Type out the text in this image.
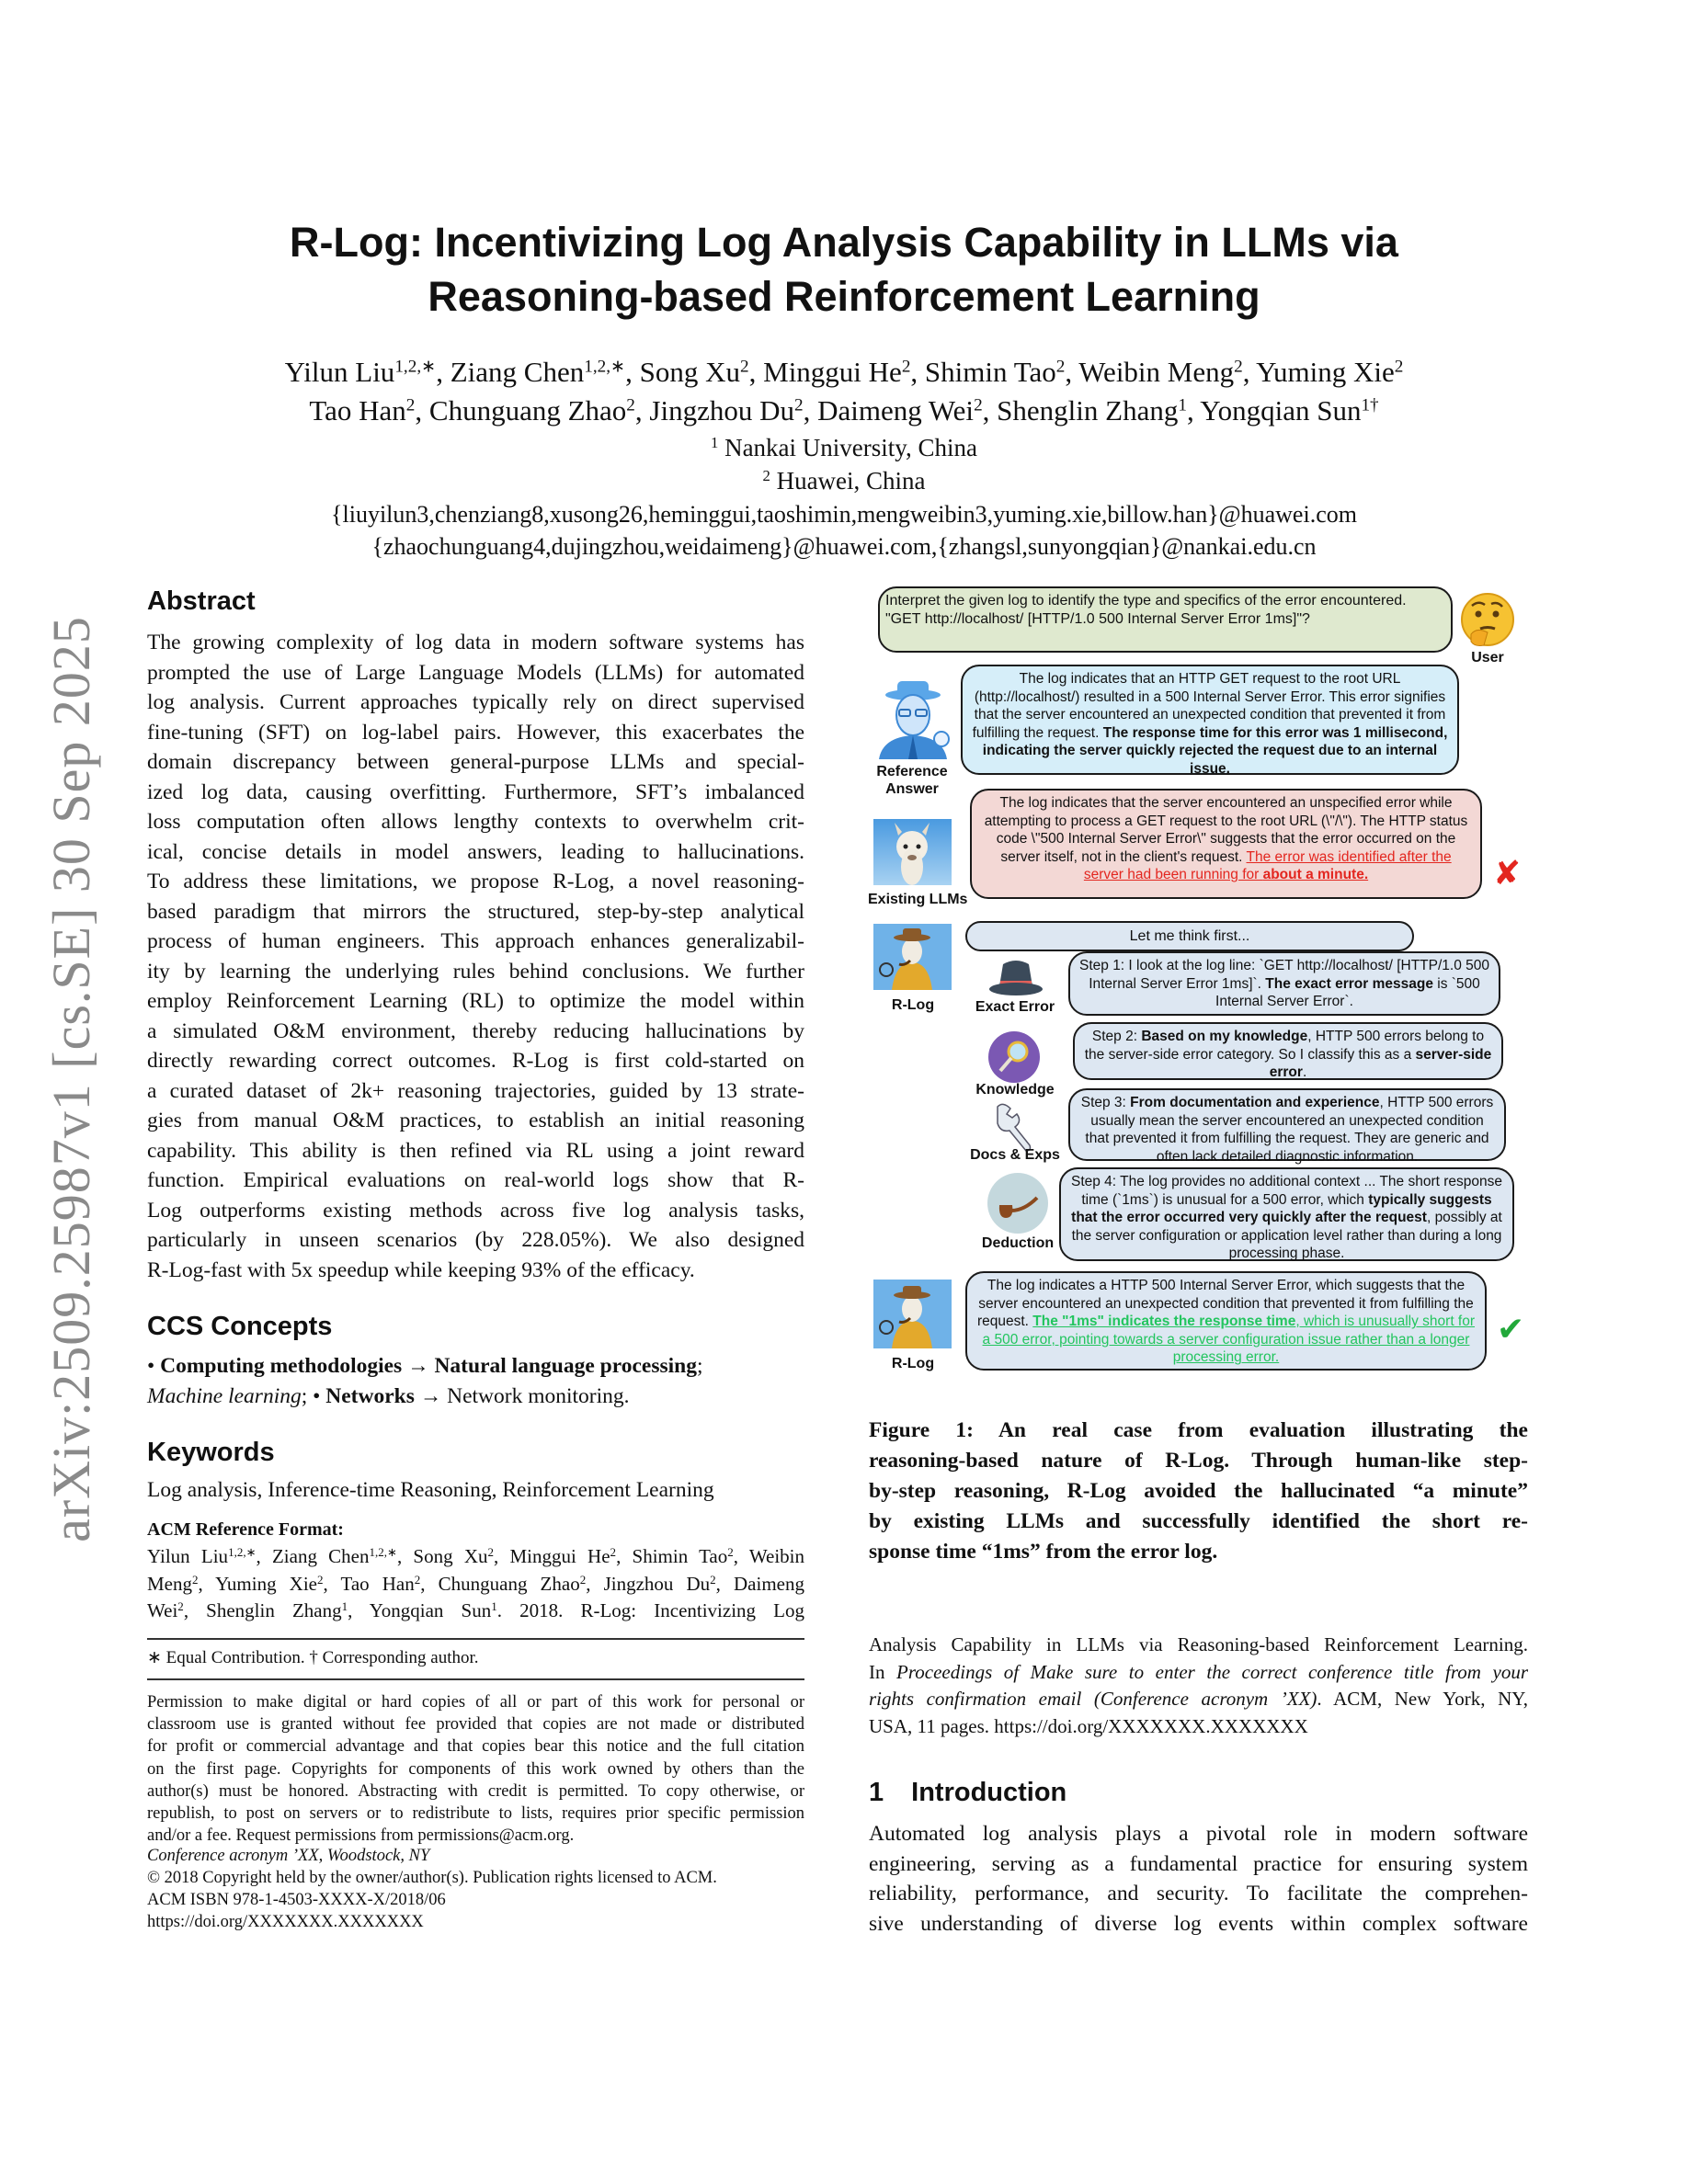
arXiv:2509.25987v1 [cs.SE] 30 Sep 2025
R-Log: Incentivizing Log Analysis Capability in LLMs via
Reasoning-based Reinforcement Learning
Yilun Liu$^{1,2,∗}$, Ziang Chen$^{1,2,∗}$, Song Xu$^2$, Minggui He$^2$, Shimin Tao$^2$, Weibin Meng$^2$, Yuming Xie$^2$
Tao Han$^2$, Chunguang Zhao$^2$, Jingzhou Du$^2$, Daimeng Wei$^2$, Shenglin Zhang$^1$, Yongqian Sun$^{1\dagger}$
$^1$ Nankai University, China
$^2$ Huawei, China
{liuyilun3,chenziang8,xusong26,heminggui,taoshimin,mengweibin3,yuming.xie,billow.han}@huawei.com
{zhaochunguang4,dujingzhou,weidaimeng}@huawei.com,{zhangsl,sunyongqian}@nankai.edu.cn
Abstract
The growing complexity of log data in modern software systems has
prompted the use of Large Language Models (LLMs) for automated
log analysis. Current approaches typically rely on direct supervised
fine-tuning (SFT) on log-label pairs. However, this exacerbates the
domain discrepancy between general-purpose LLMs and special-
ized log data, causing overfitting. Furthermore, SFT’s imbalanced
loss computation often allows lengthy contexts to overwhelm crit-
ical, concise details in model answers, leading to hallucinations.
To address these limitations, we propose R-Log, a novel reasoning-
based paradigm that mirrors the structured, step-by-step analytical
process of human engineers. This approach enhances generalizabil-
ity by learning the underlying rules behind conclusions. We further
employ Reinforcement Learning (RL) to optimize the model within
a simulated O&M environment, thereby reducing hallucinations by
directly rewarding correct outcomes. R-Log is first cold-started on
a curated dataset of 2k+ reasoning trajectories, guided by 13 strate-
gies from manual O&M practices, to establish an initial reasoning
capability. This ability is then refined via RL using a joint reward
function. Empirical evaluations on real-world logs show that R-
Log outperforms existing methods across five log analysis tasks,
particularly in unseen scenarios (by 228.05%). We also designed
R-Log-fast with 5x speedup while keeping 93% of the efficacy.
CCS Concepts
• Computing methodologies → Natural language processing;
Machine learning; • Networks → Network monitoring.
Keywords
Log analysis, Inference-time Reasoning, Reinforcement Learning
ACM Reference Format:
Yilun Liu$^{1,2,∗}$, Ziang Chen$^{1,2,∗}$, Song Xu$^2$, Minggui He$^2$, Shimin Tao$^2$, Weibin
Meng$^2$, Yuming Xie$^2$, Tao Han$^2$, Chunguang Zhao$^2$, Jingzhou Du$^2$, Daimeng
Wei$^2$, Shenglin Zhang$^1$, Yongqian Sun$^1$. 2018. R-Log: Incentivizing Log
∗ Equal Contribution. † Corresponding author.
Permission to make digital or hard copies of all or part of this work for personal or
classroom use is granted without fee provided that copies are not made or distributed
for profit or commercial advantage and that copies bear this notice and the full citation
on the first page. Copyrights for components of this work owned by others than the
author(s) must be honored. Abstracting with credit is permitted. To copy otherwise, or
republish, to post on servers or to redistribute to lists, requires prior specific permission
and/or a fee. Request permissions from permissions@acm.org.
Conference acronym ’XX, Woodstock, NY
© 2018 Copyright held by the owner/author(s). Publication rights licensed to ACM.
ACM ISBN 978-1-4503-XXXX-X/2018/06
https://doi.org/XXXXXXX.XXXXXXX
Interpret the given log to identify the type and specifics of the error encountered. "GET http://localhost/ [HTTP/1.0 500 Internal Server Error 1ms]"?
User
Reference Answer
The log indicates that an HTTP GET request to the root URL (http://localhost/) resulted in a 500 Internal Server Error. This error signifies that the server encountered an unexpected condition that prevented it from fulfilling the request. The response time for this error was 1 millisecond, indicating the server quickly rejected the request due to an internal issue.
Existing LLMs
The log indicates that the server encountered an unspecified error while attempting to process a GET request to the root URL (\"/\"). The HTTP status code \"500 Internal Server Error\" suggests that the error occurred on the server itself, not in the client's request. The error was identified after the server had been running for about a minute.	✘
R-Log
Let me think first...
Exact Error
Step 1: I look at the log line: `GET http://localhost/ [HTTP/1.0 500 Internal Server Error 1ms]`. The exact error message is `500 Internal Server Error`.
Knowledge
Step 2: Based on my knowledge, HTTP 500 errors belong to the server-side error category. So I classify this as a server-side error.
Docs & Exps
Step 3: From documentation and experience, HTTP 500 errors usually mean the server encountered an unexpected condition that prevented it from fulfilling the request. They are generic and often lack detailed diagnostic information.
Deduction
Step 4: The log provides no additional context ... The short response time (`1ms`) is unusual for a 500 error, which typically suggests that the error occurred very quickly after the request, possibly at the server configuration or application level rather than during a long processing phase.
R-Log
The log indicates a HTTP 500 Internal Server Error, which suggests that the server encountered an unexpected condition that prevented it from fulfilling the request. The "1ms" indicates the response time, which is unusually short for a 500 error, pointing towards a server configuration issue rather than a longer processing error.
✔
Figure 1: An real case from evaluation illustrating the
reasoning-based nature of R-Log. Through human-like step-
by-step reasoning, R-Log avoided the hallucinated “a minute”
by existing LLMs and successfully identified the short re-
sponse time “1ms” from the error log.
Analysis Capability in LLMs via Reasoning-based Reinforcement Learning.
In Proceedings of Make sure to enter the correct conference title from your
rights confirmation email (Conference acronym ’XX). ACM, New York, NY,
USA, 11 pages. https://doi.org/XXXXXXX.XXXXXXX
1 Introduction
Automated log analysis plays a pivotal role in modern software
engineering, serving as a fundamental practice for ensuring system
reliability, performance, and security. To facilitate the comprehen-
sive understanding of diverse log events within complex software
